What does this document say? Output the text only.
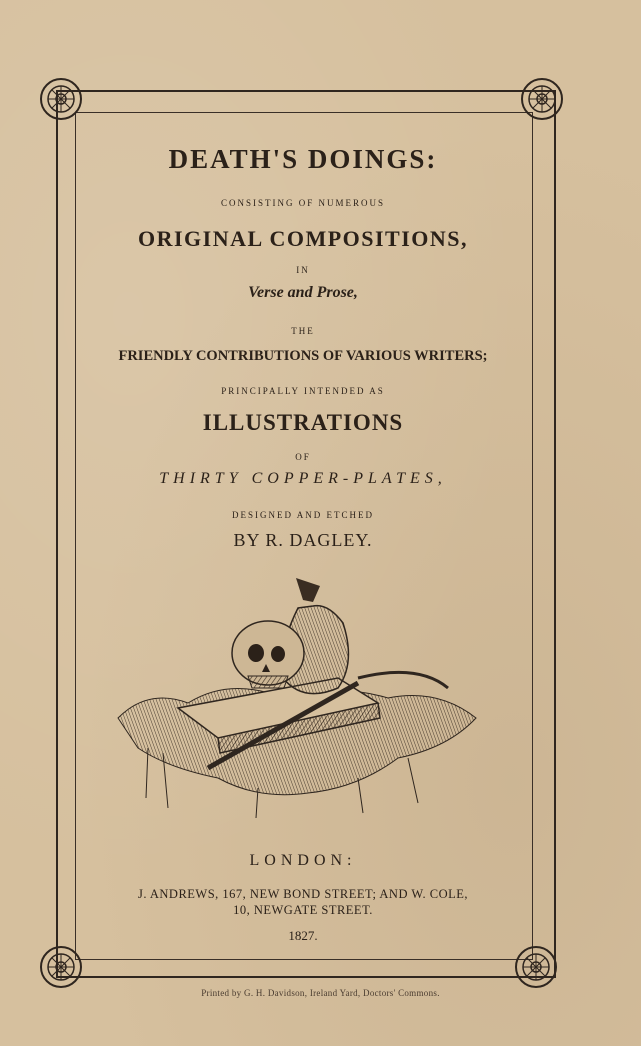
DEATH'S DOINGS:
CONSISTING OF NUMEROUS
ORIGINAL COMPOSITIONS,
IN
Verse and Prose,
THE
FRIENDLY CONTRIBUTIONS OF VARIOUS WRITERS;
PRINCIPALLY INTENDED AS
ILLUSTRATIONS
OF
THIRTY COPPER-PLATES,
DESIGNED AND ETCHED
BY R. DAGLEY.
LONDON:
J. ANDREWS, 167, NEW BOND STREET; AND W. COLE,
10, NEWGATE STREET.
1827.
Printed by G. H. Davidson, Ireland Yard, Doctors' Commons.
